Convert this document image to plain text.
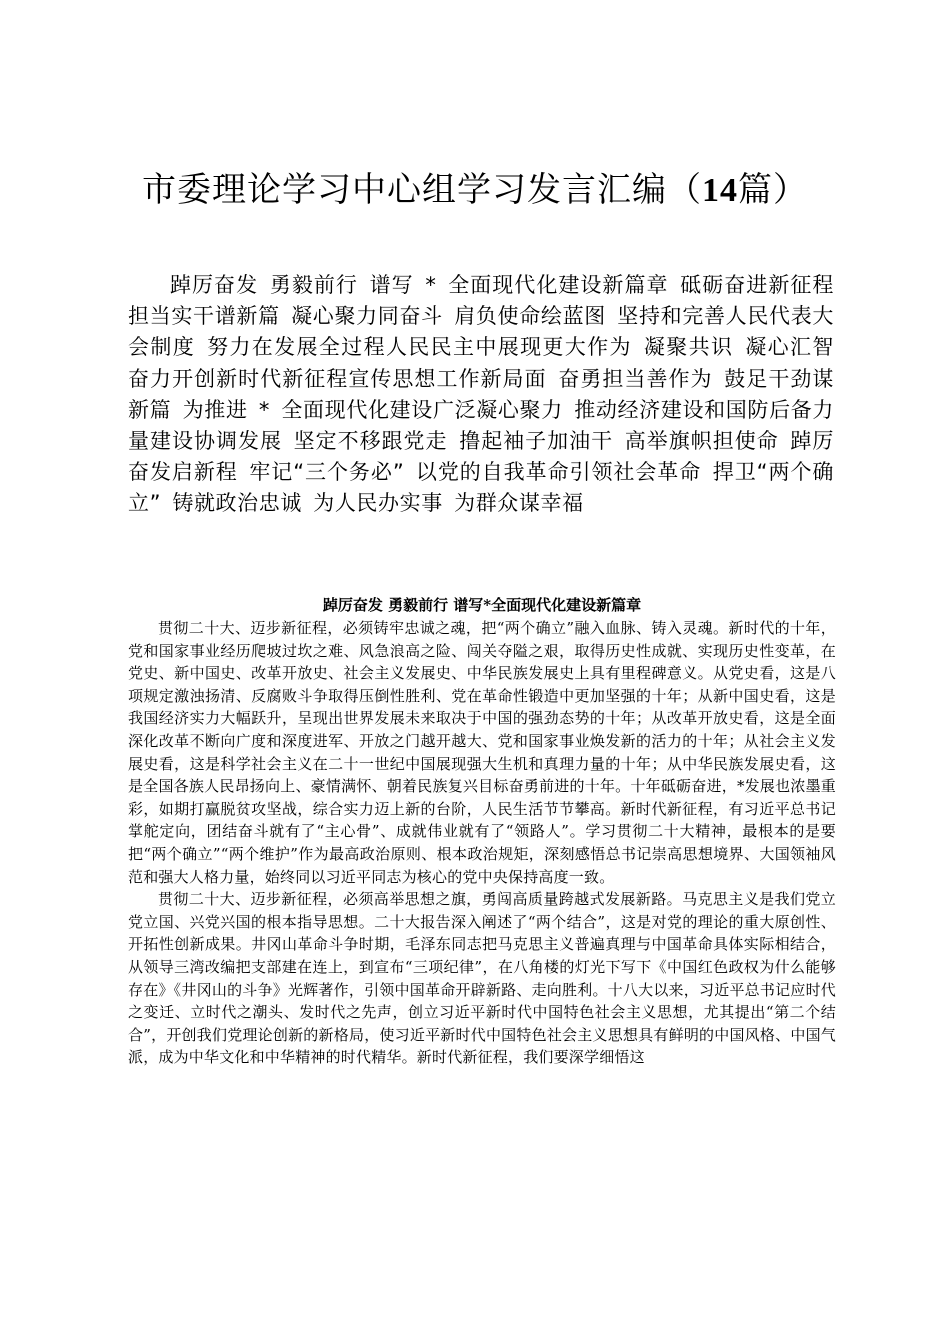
市委理论学习中心组学习发言汇编（14篇）

踔厉奋发 勇毅前行 谱写 * 全面现代化建设新篇章 砥砺奋进新征程 担当实干谱新篇 凝心聚力同奋斗 肩负使命绘蓝图 坚持和完善人民代表大会制度 努力在发展全过程人民民主中展现更大作为 凝聚共识 凝心汇智 奋力开创新时代新征程宣传思想工作新局面 奋勇担当善作为 鼓足干劲谋新篇 为推进 * 全面现代化建设广泛凝心聚力 推动经济建设和国防后备力量建设协调发展 坚定不移跟党走 撸起袖子加油干 高举旗帜担使命 踔厉奋发启新程 牢记“三个务必” 以党的自我革命引领社会革命 捍卫“两个确立” 铸就政治忠诚 为人民办实事 为群众谋幸福

踔厉奋发 勇毅前行 谱写*全面现代化建设新篇章

贯彻二十大、迈步新征程，必须铸牢忠诚之魂，把“两个确立”融入血脉、铸入灵魂。新时代的十年，党和国家事业经历爬坡过坎之难、风急浪高之险、闯关夺隘之艰，取得历史性成就、实现历史性变革，在党史、新中国史、改革开放史、社会主义发展史、中华民族发展史上具有里程碑意义。从党史看，这是八项规定激浊扬清、反腐败斗争取得压倒性胜利、党在革命性锻造中更加坚强的十年；从新中国史看，这是我国经济实力大幅跃升，呈现出世界发展未来取决于中国的强劲态势的十年；从改革开放史看，这是全面深化改革不断向广度和深度进军、开放之门越开越大、党和国家事业焕发新的活力的十年；从社会主义发展史看，这是科学社会主义在二十一世纪中国展现强大生机和真理力量的十年；从中华民族发展史看，这是全国各族人民昂扬向上、豪情满怀、朝着民族复兴目标奋勇前进的十年。十年砥砺奋进，*发展也浓墨重彩，如期打赢脱贫攻坚战，综合实力迈上新的台阶，人民生活节节攀高。新时代新征程，有习近平总书记掌舵定向，团结奋斗就有了“主心骨”、成就伟业就有了“领路人”。学习贯彻二十大精神，最根本的是要把“两个确立”“两个维护”作为最高政治原则、根本政治规矩，深刻感悟总书记崇高思想境界、大国领袖风范和强大人格力量，始终同以习近平同志为核心的党中央保持高度一致。

贯彻二十大、迈步新征程，必须高举思想之旗，勇闯高质量跨越式发展新路。马克思主义是我们党立党立国、兴党兴国的根本指导思想。二十大报告深入阐述了“两个结合”，这是对党的理论的重大原创性、开拓性创新成果。井冈山革命斗争时期，毛泽东同志把马克思主义普遍真理与中国革命具体实际相结合，从领导三湾改编把支部建在连上，到宣布“三项纪律”，在八角楼的灯光下写下《中国红色政权为什么能够存在》《井冈山的斗争》光辉著作，引领中国革命开辟新路、走向胜利。十八大以来，习近平总书记应时代之变迁、立时代之潮头、发时代之先声，创立习近平新时代中国特色社会主义思想，尤其提出“第二个结合”，开创我们党理论创新的新格局，使习近平新时代中国特色社会主义思想具有鲜明的中国风格、中国气派，成为中华文化和中华精神的时代精华。新时代新征程，我们要深学细悟这
